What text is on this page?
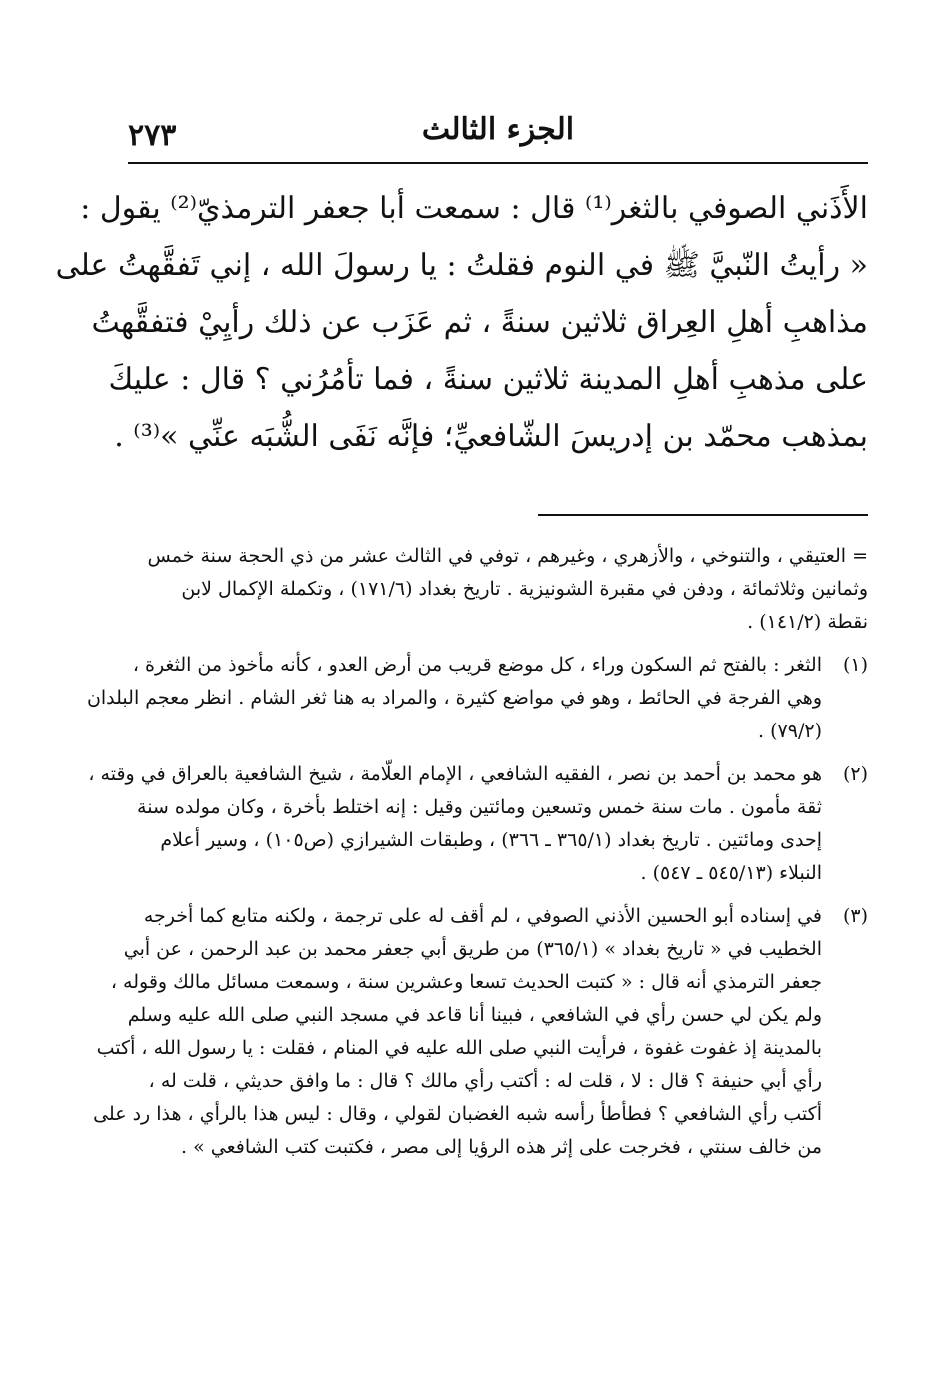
٢٧٣	الجزء الثالث
الأَذَني الصوفي بالثغر⁽¹⁾ قال : سمعت أبا جعفر الترمذيّ⁽²⁾ يقول :
« رأيتُ النّبيَّ ﷺ في النوم فقلتُ : يا رسولَ الله ، إني تَفقَّهتُ على
مذاهبِ أهلِ العِراق ثلاثين سنةً ، ثم عَزَب عن ذلك رأيِيْ فتفقَّهتُ
على مذهبِ أهلِ المدينة ثلاثين سنةً ، فما تأمُرُني ؟ قال : عليكَ
بمذهب محمّد بن إدريسَ الشّافعيِّ؛ فإنَّه نَفَى الشُّبَه عنِّي »⁽³⁾ .
= العتيقي ، والتنوخي ، والأزهري ، وغيرهم ، توفي في الثالث عشر من ذي الحجة سنة خمس
وثمانين وثلاثمائة ، ودفن في مقبرة الشونيزية . تاريخ بغداد (١٧١/٦) ، وتكملة الإكمال لابن
نقطة (١٤١/٢) .
(١)
الثغر : بالفتح ثم السكون وراء ، كل موضع قريب من أرض العدو ، كأنه مأخوذ من الثغرة ،
وهي الفرجة في الحائط ، وهو في مواضع كثيرة ، والمراد به هنا ثغر الشام . انظر معجم البلدان
(٧٩/٢) .
(٢)
هو محمد بن أحمد بن نصر ، الفقيه الشافعي ، الإمام العلّامة ، شيخ الشافعية بالعراق في وقته ،
ثقة مأمون . مات سنة خمس وتسعين ومائتين وقيل : إنه اختلط بأخرة ، وكان مولده سنة
إحدى ومائتين . تاريخ بغداد (٣٦٥/١ ـ ٣٦٦) ، وطبقات الشيرازي (ص١٠٥) ، وسير أعلام
النبلاء (٥٤٥/١٣ ـ ٥٤٧) .
(٣)
في إسناده أبو الحسين الأذني الصوفي ، لم أقف له على ترجمة ، ولكنه متابع كما أخرجه
الخطيب في « تاريخ بغداد » (٣٦٥/١) من طريق أبي جعفر محمد بن عبد الرحمن ، عن أبي
جعفر الترمذي أنه قال : « كتبت الحديث تسعا وعشرين سنة ، وسمعت مسائل مالك وقوله ،
ولم يكن لي حسن رأي في الشافعي ، فبينا أنا قاعد في مسجد النبي صلى الله عليه وسلم
بالمدينة إذ غفوت غفوة ، فرأيت النبي صلى الله عليه في المنام ، فقلت : يا رسول الله ، أكتب
رأي أبي حنيفة ؟ قال : لا ، قلت له : أكتب رأي مالك ؟ قال : ما وافق حديثي ، قلت له ،
أكتب رأي الشافعي ؟ فطأطأ رأسه شبه الغضبان لقولي ، وقال : ليس هذا بالرأي ، هذا رد على
من خالف سنتي ، فخرجت على إثر هذه الرؤيا إلى مصر ، فكتبت كتب الشافعي » .
